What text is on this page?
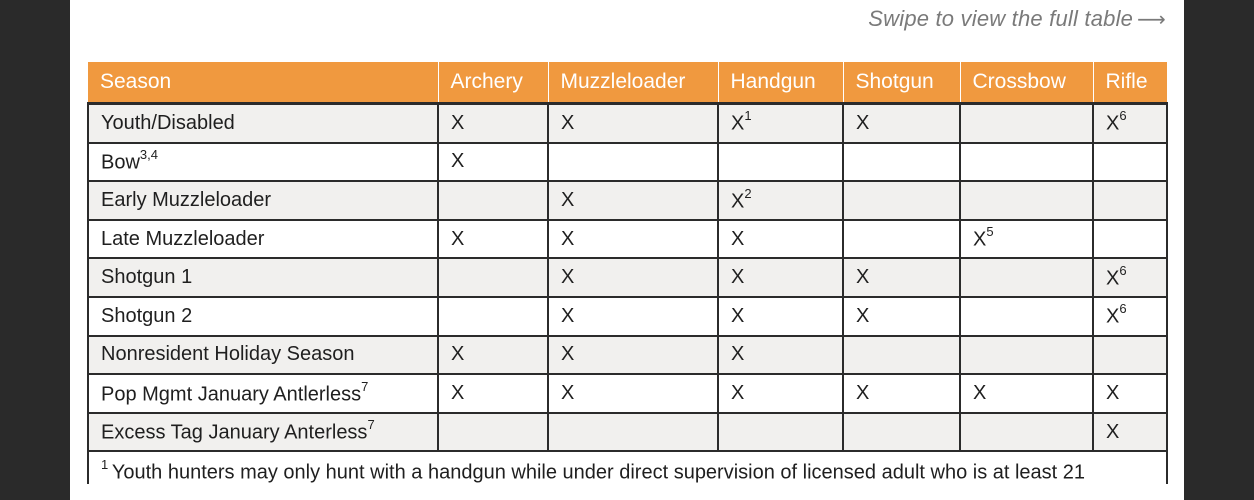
Swipe to view the full table ⟶
Season	Archery	Muzzleloader	Handgun	Shotgun	Crossbow	Rifle
Youth/Disabled	X	X	$X^1$	X		$X^6$
Bow$^{3,4}$	X					
Early Muzzleloader		X	$X^2$			
Late Muzzleloader	X	X	X		$X^5$	
Shotgun 1		X	X	X		$X^6$
Shotgun 2		X	X	X		$X^6$
Nonresident Holiday Season	X	X	X			
Pop Mgmt January Antlerless$^7$	X	X	X	X	X	X
Excess Tag January Anterless$^7$						X
$^1$ Youth hunters may only hunt with a handgun while under direct supervision of licensed adult who is at least 21						
